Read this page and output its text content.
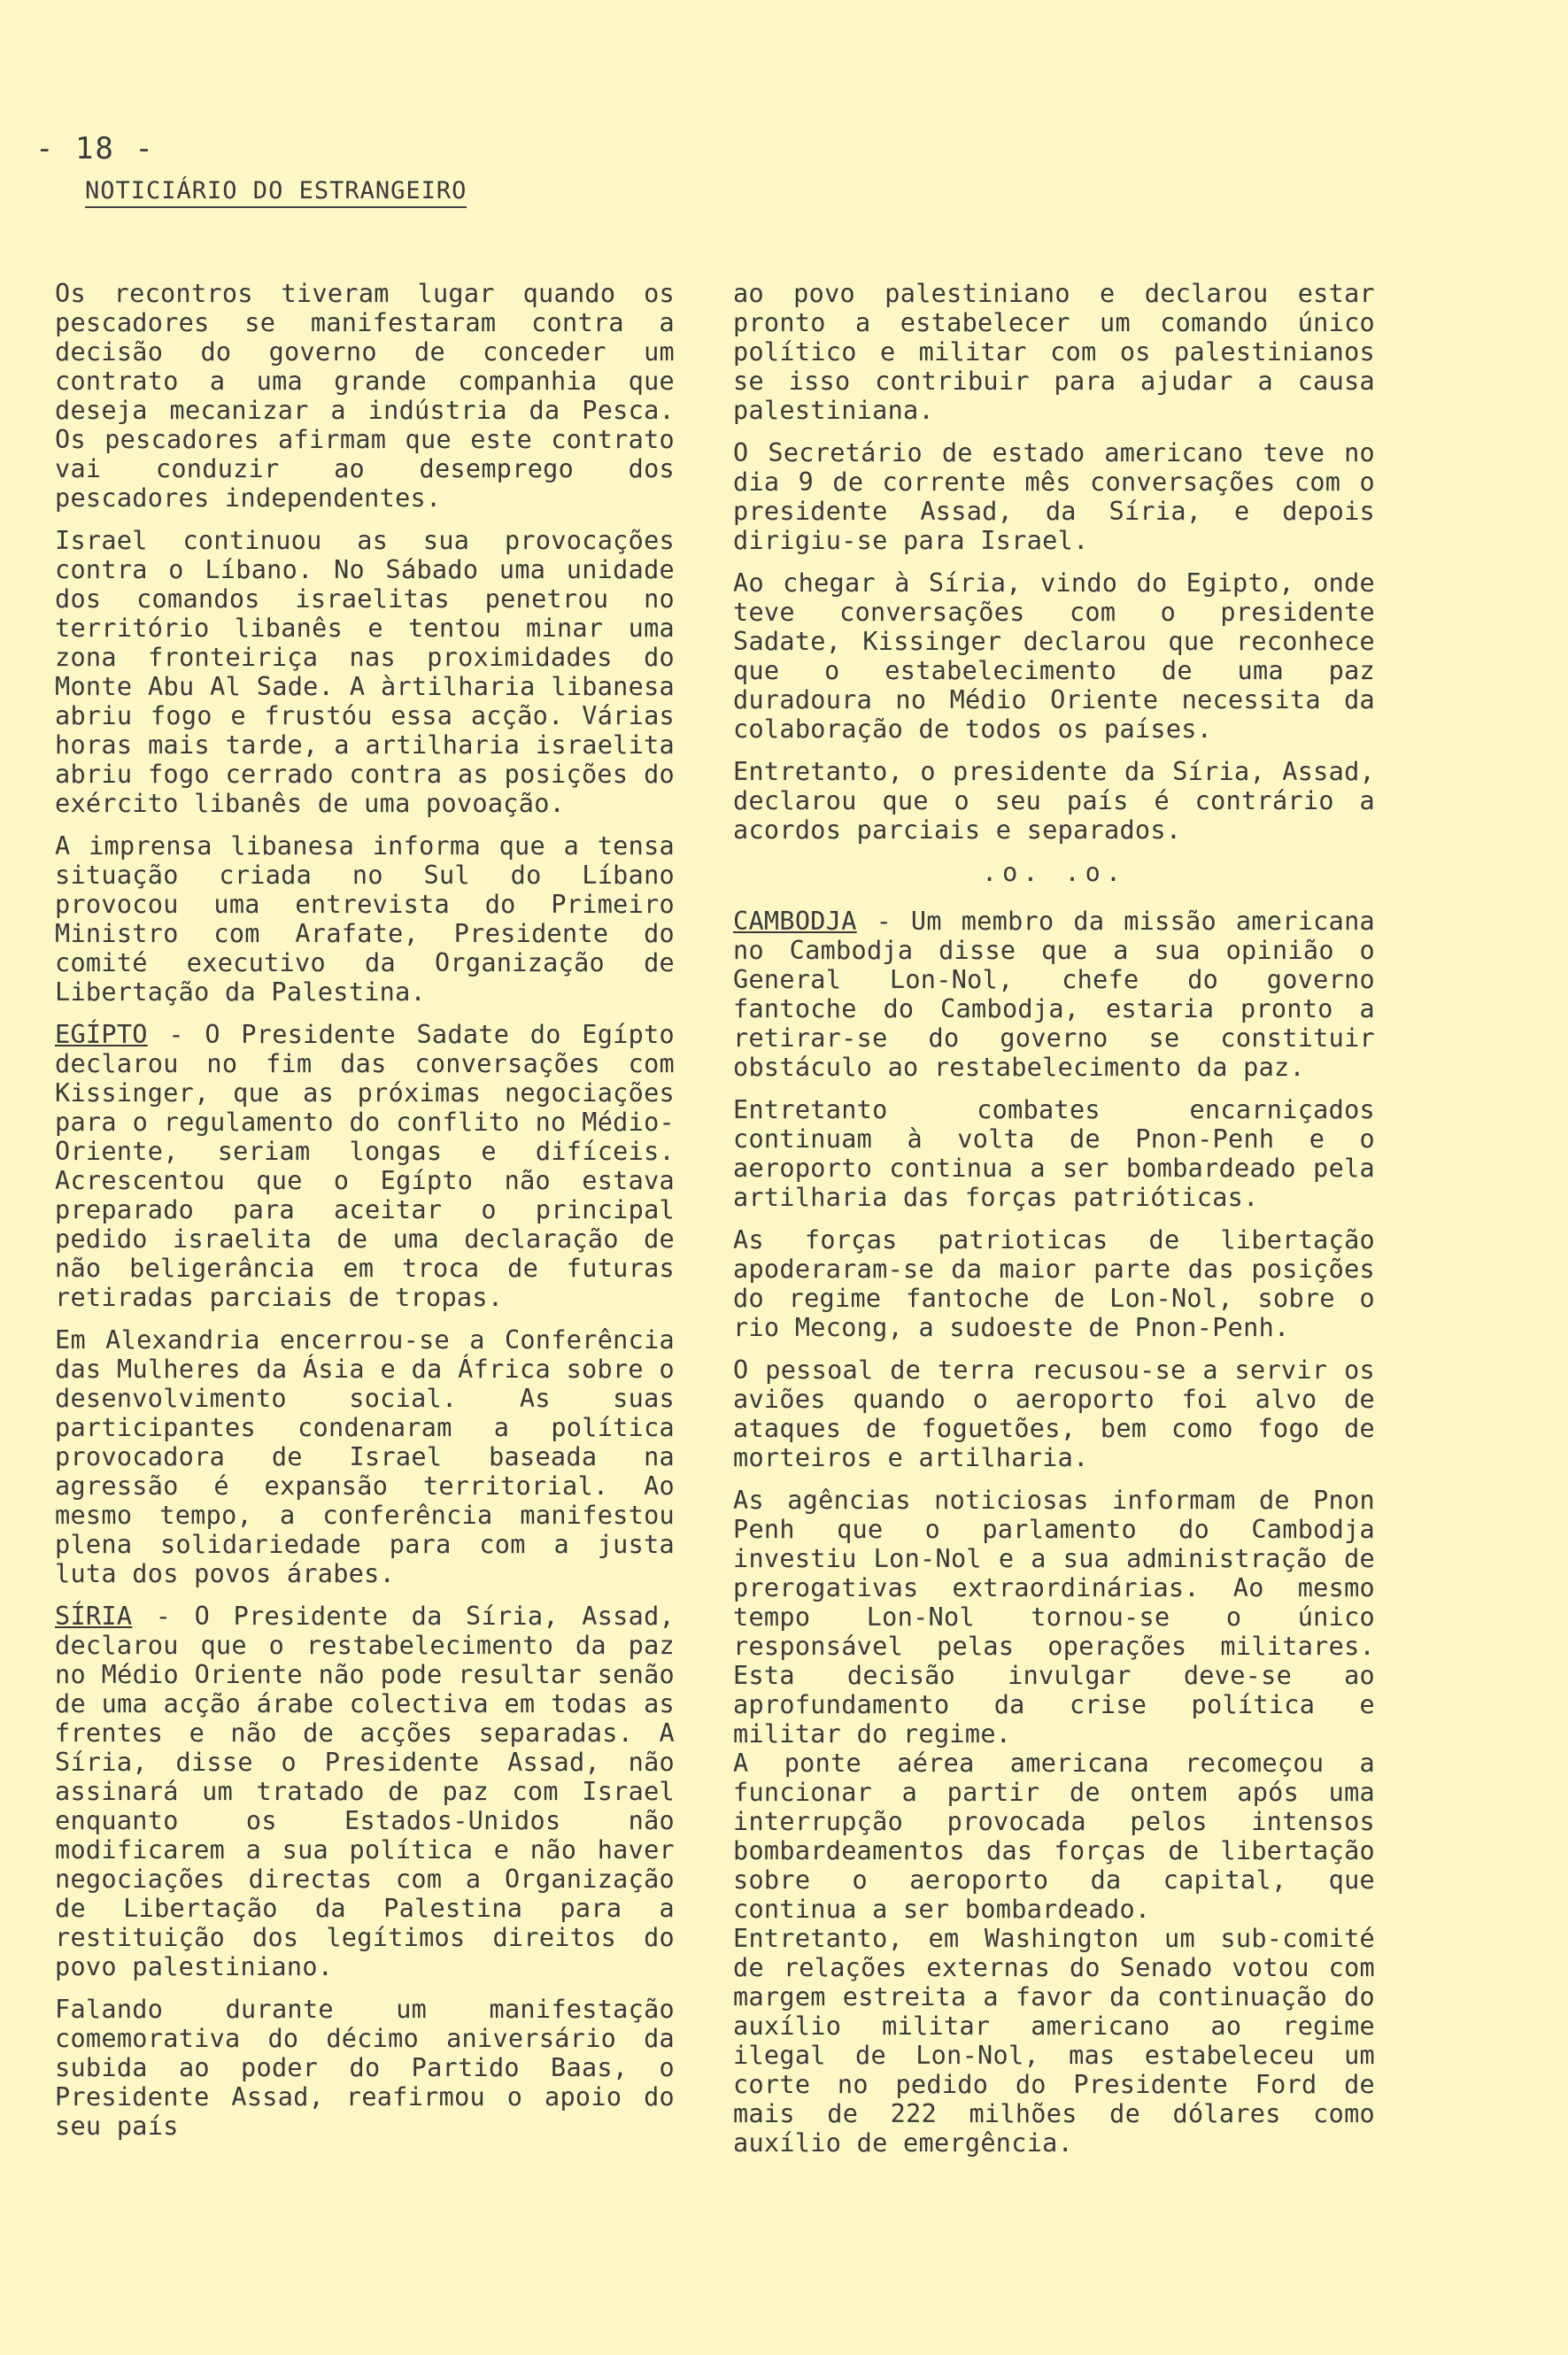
- 18 -
NOTICIÁRIO DO ESTRANGEIRO

Os recontros tiveram lugar quando os pescadores se manifestaram contra a decisão do governo de conceder um contrato a uma grande companhia que deseja mecanizar a indústria da Pesca. Os pescadores afirmam que este contrato vai conduzir ao desemprego dos pescadores independentes.

Israel continuou as sua provocações contra o Líbano. No Sábado uma unidade dos comandos israelitas penetrou no território libanês e tentou minar uma zona fronteiriça nas proximidades do Monte Abu Al Sade. A àrtilharia libanesa abriu fogo e frustóu essa acção. Várias horas mais tarde, a artilharia israelita abriu fogo cerrado contra as posições do exército libanês de uma povoação.

A imprensa libanesa informa que a tensa situação criada no Sul do Líbano provocou uma entrevista do Primeiro Ministro com Arafate, Presidente do comité executivo da Organização de Libertação da Palestina.

EGÍPTO - O Presidente Sadate do Egípto declarou no fim das conversações com Kissinger, que as próximas negociações para o regulamento do conflito no Médio-Oriente, seriam longas e difíceis. Acrescentou que o Egípto não estava preparado para aceitar o principal pedido israelita de uma declaração de não beligerância em troca de futuras retiradas parciais de tropas.

Em Alexandria encerrou-se a Conferência das Mulheres da Ásia e da África sobre o desenvolvimento social. As suas participantes condenaram a política provocadora de Israel baseada na agressão é expansão territorial. Ao mesmo tempo, a conferência manifestou plena solidariedade para com a justa luta dos povos árabes.

SÍRIA - O Presidente da Síria, Assad, declarou que o restabelecimento da paz no Médio Oriente não pode resultar senão de uma acção árabe colectiva em todas as frentes e não de acções separadas. A Síria, disse o Presidente Assad, não assinará um tratado de paz com Israel enquanto os Estados-Unidos não modificarem a sua política e não haver negociações directas com a Organização de Libertação da Palestina para a restituição dos legítimos direitos do povo palestiniano.

Falando durante um manifestação comemorativa do décimo aniversário da subida ao poder do Partido Baas, o Presidente Assad, reafirmou o apoio do seu país

ao povo palestiniano e declarou estar pronto a estabelecer um comando único político e militar com os palestinianos se isso contribuir para ajudar a causa palestiniana.

O Secretário de estado americano teve no dia 9 de corrente mês conversações com o presidente Assad, da Síria, e depois dirigiu-se para Israel.

Ao chegar à Síria, vindo do Egipto, onde teve conversações com o presidente Sadate, Kissinger declarou que reconhece que o estabelecimento de uma paz duradoura no Médio Oriente necessita da colaboração de todos os países.

Entretanto, o presidente da Síria, Assad, declarou que o seu país é contrário a acordos parciais e separados.

.o. .o.

CAMBODJA - Um membro da missão americana no Cambodja disse que a sua opinião o General Lon-Nol, chefe do governo fantoche do Cambodja, estaria pronto a retirar-se do governo se constituir obstáculo ao restabelecimento da paz.

Entretanto combates encarniçados continuam à volta de Pnon-Penh e o aeroporto continua a ser bombardeado pela artilharia das forças patrióticas.

As forças patrioticas de libertação apoderaram-se da maior parte das posições do regime fantoche de Lon-Nol, sobre o rio Mecong, a sudoeste de Pnon-Penh.

O pessoal de terra recusou-se a servir os aviões quando o aeroporto foi alvo de ataques de foguetões, bem como fogo de morteiros e artilharia.

As agências noticiosas informam de Pnon Penh que o parlamento do Cambodja investiu Lon-Nol e a sua administração de prerogativas extraordinárias. Ao mesmo tempo Lon-Nol tornou-se o único responsável pelas operações militares. Esta decisão invulgar deve-se ao aprofundamento da crise política e militar do regime.

A ponte aérea americana recomeçou a funcionar a partir de ontem após uma interrupção provocada pelos intensos bombardeamentos das forças de libertação sobre o aeroporto da capital, que continua a ser bombardeado.

Entretanto, em Washington um sub-comité de relações externas do Senado votou com margem estreita a favor da continuação do auxílio militar americano ao regime ilegal de Lon-Nol, mas estabeleceu um corte no pedido do Presidente Ford de mais de 222 milhões de dólares como auxílio de emergência.
